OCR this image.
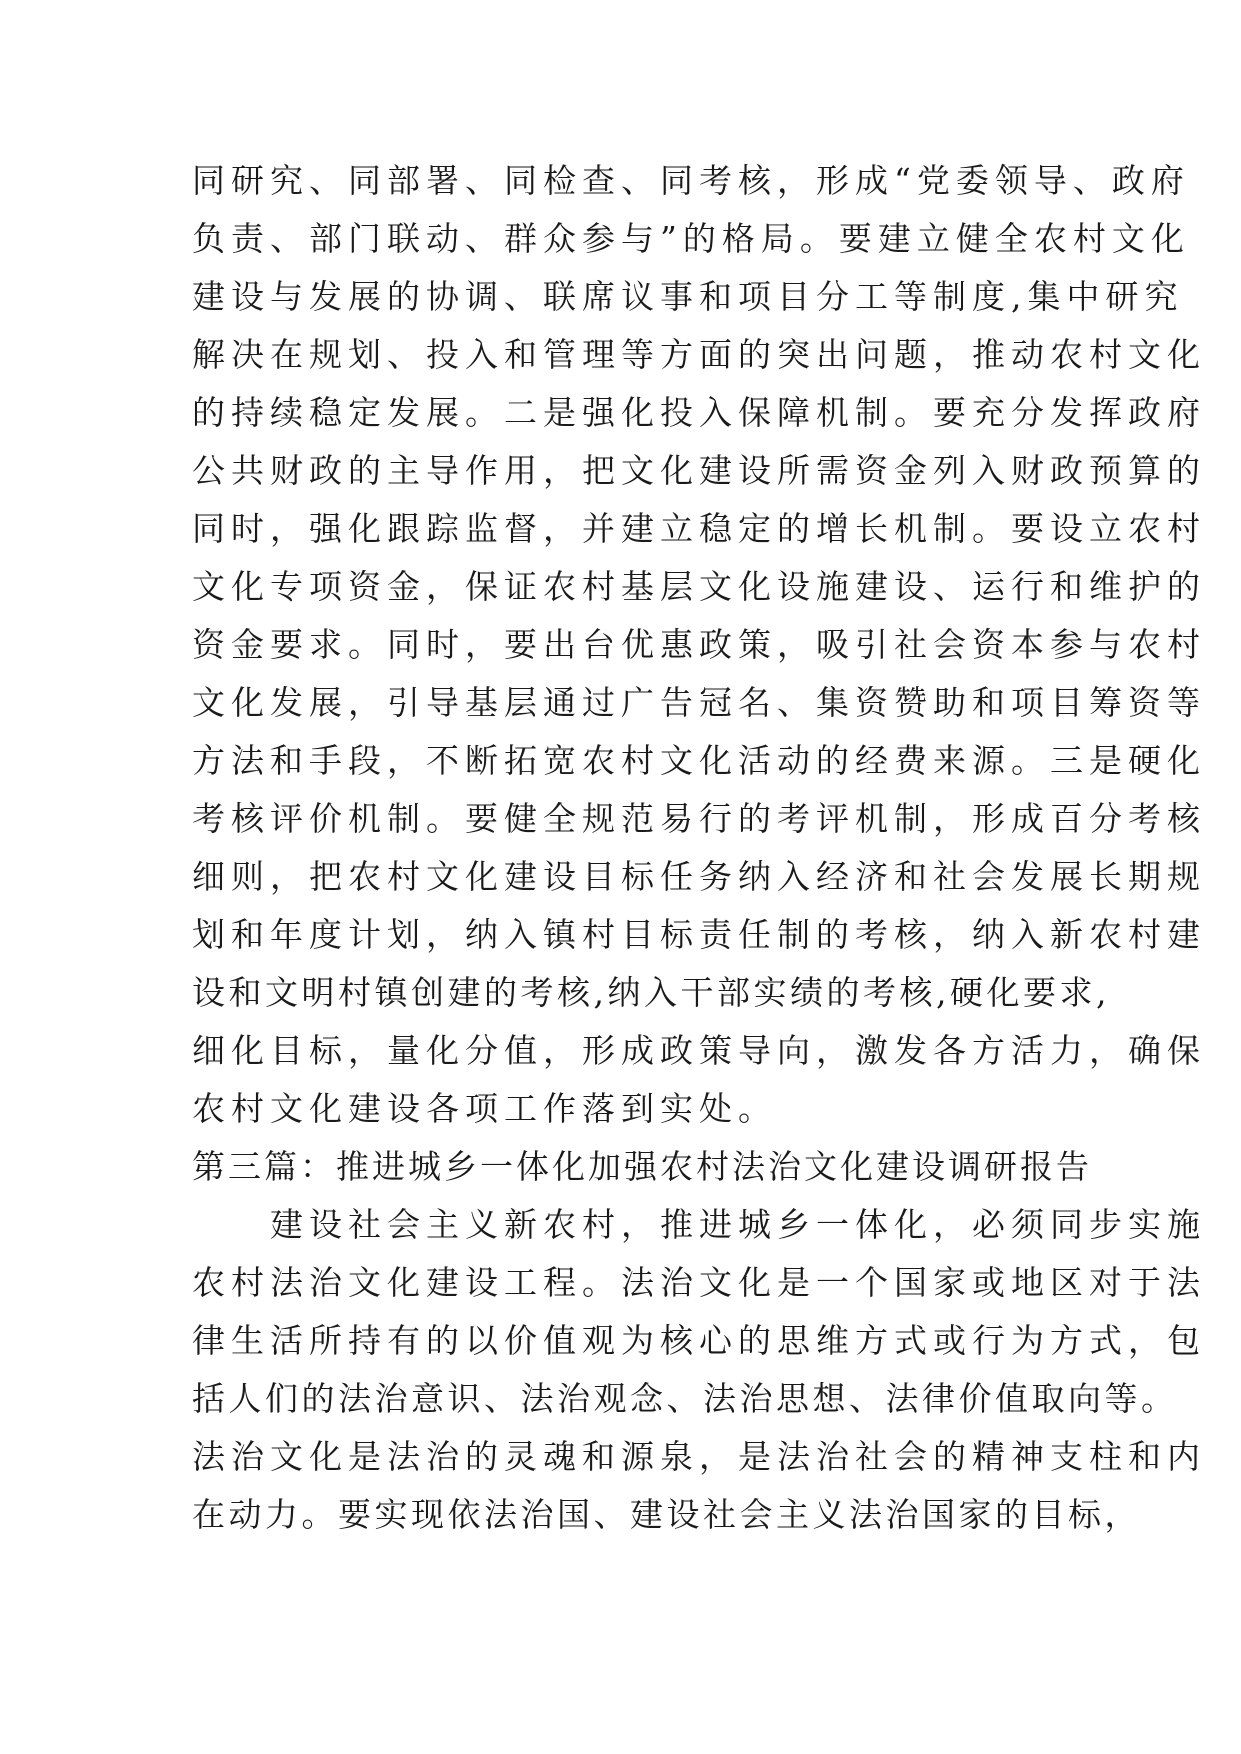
同研究、同部署、同检查、同考核，形成“党委领导、政府
负责、部门联动、群众参与”的格局。要建立健全农村文化
建设与发展的协调、联席议事和项目分工等制度,集中研究
解决在规划、投入和管理等方面的突出问题，推动农村文化
的持续稳定发展。二是强化投入保障机制。要充分发挥政府
公共财政的主导作用，把文化建设所需资金列入财政预算的
同时，强化跟踪监督，并建立稳定的增长机制。要设立农村
文化专项资金，保证农村基层文化设施建设、运行和维护的
资金要求。同时，要出台优惠政策，吸引社会资本参与农村
文化发展，引导基层通过广告冠名、集资赞助和项目筹资等
方法和手段，不断拓宽农村文化活动的经费来源。三是硬化
考核评价机制。要健全规范易行的考评机制，形成百分考核
细则，把农村文化建设目标任务纳入经济和社会发展长期规
划和年度计划，纳入镇村目标责任制的考核，纳入新农村建
设和文明村镇创建的考核,纳入干部实绩的考核,硬化要求,
细化目标，量化分值，形成政策导向，激发各方活力，确保
农村文化建设各项工作落到实处。
第三篇：推进城乡一体化加强农村法治文化建设调研报告
　　建设社会主义新农村，推进城乡一体化，必须同步实施
农村法治文化建设工程。法治文化是一个国家或地区对于法
律生活所持有的以价值观为核心的思维方式或行为方式，包
括人们的法治意识、法治观念、法治思想、法律价值取向等。
法治文化是法治的灵魂和源泉，是法治社会的精神支柱和内
在动力。要实现依法治国、建设社会主义法治国家的目标，
